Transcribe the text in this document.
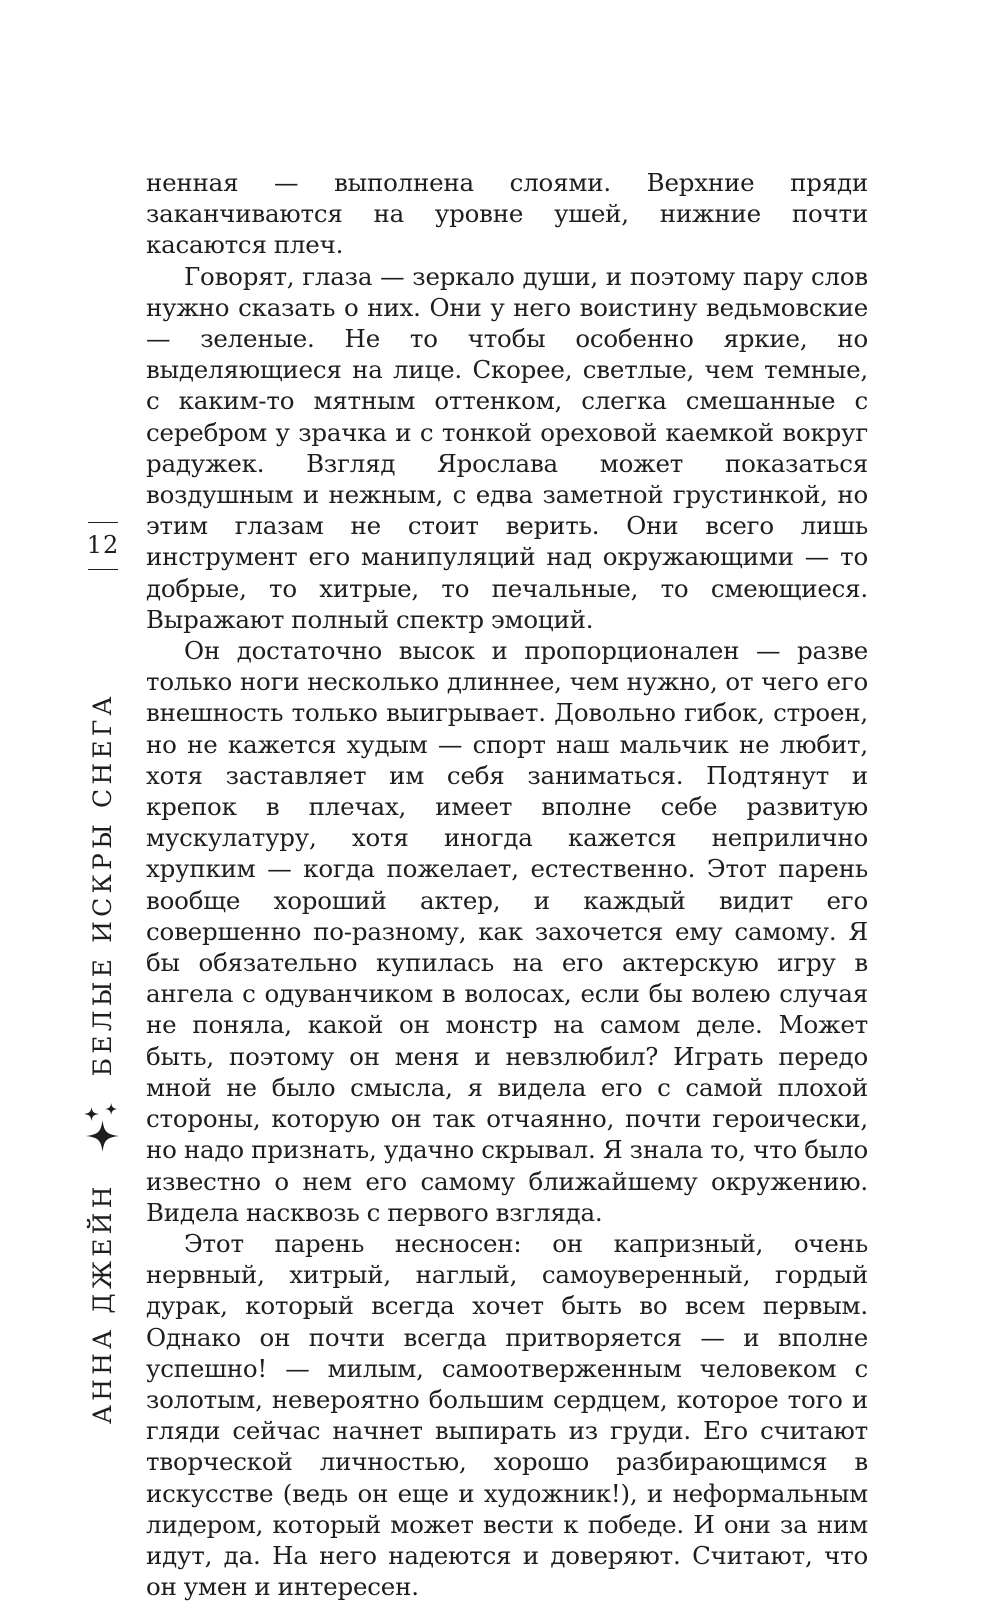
АННА ДЖЕЙН
БЕЛЫЕ ИСКРЫ СНЕГА
12

ненная — выполнена слоями. Верхние пряди заканчиваются на уровне ушей, нижние почти касаются плеч.

Говорят, глаза — зеркало души, и поэтому пару слов нужно сказать о них. Они у него воистину ведьмовские — зеленые. Не то чтобы особенно яркие, но выделяющиеся на лице. Скорее, светлые, чем темные, с каким-то мятным оттенком, слегка смешанные с серебром у зрачка и с тонкой ореховой каемкой вокруг радужек. Взгляд Ярослава может показаться воздушным и нежным, с едва заметной грустинкой, но этим глазам не стоит верить. Они всего лишь инструмент его манипуляций над окружающими — то добрые, то хитрые, то печальные, то смеющиеся. Выражают полный спектр эмоций.

Он достаточно высок и пропорционален — разве только ноги несколько длиннее, чем нужно, от чего его внешность только выигрывает. Довольно гибок, строен, но не кажется худым — спорт наш мальчик не любит, хотя заставляет им себя заниматься. Подтянут и крепок в плечах, имеет вполне себе развитую мускулатуру, хотя иногда кажется неприлично хрупким — когда пожелает, естественно. Этот парень вообще хороший актер, и каждый видит его совершенно по-разному, как захочется ему самому. Я бы обязательно купилась на его актерскую игру в ангела с одуванчиком в волосах, если бы волею случая не поняла, какой он монстр на самом деле. Может быть, поэтому он меня и невзлюбил? Играть передо мной не было смысла, я видела его с самой плохой стороны, которую он так отчаянно, почти героически, но надо признать, удачно скрывал. Я знала то, что было известно о нем его самому ближайшему окружению. Видела насквозь с первого взгляда.

Этот парень несносен: он капризный, очень нервный, хитрый, наглый, самоуверенный, гордый дурак, который всегда хочет быть во всем первым. Однако он почти всегда притворяется — и вполне успешно! — милым, самоотверженным человеком с золотым, невероятно большим сердцем, которое того и гляди сейчас начнет выпирать из груди. Его считают творческой личностью, хорошо разбирающимся в искусстве (ведь он еще и художник!), и неформальным лидером, который может вести к победе. И они за ним идут, да. На него надеются и доверяют. Считают, что он умен и интересен.
